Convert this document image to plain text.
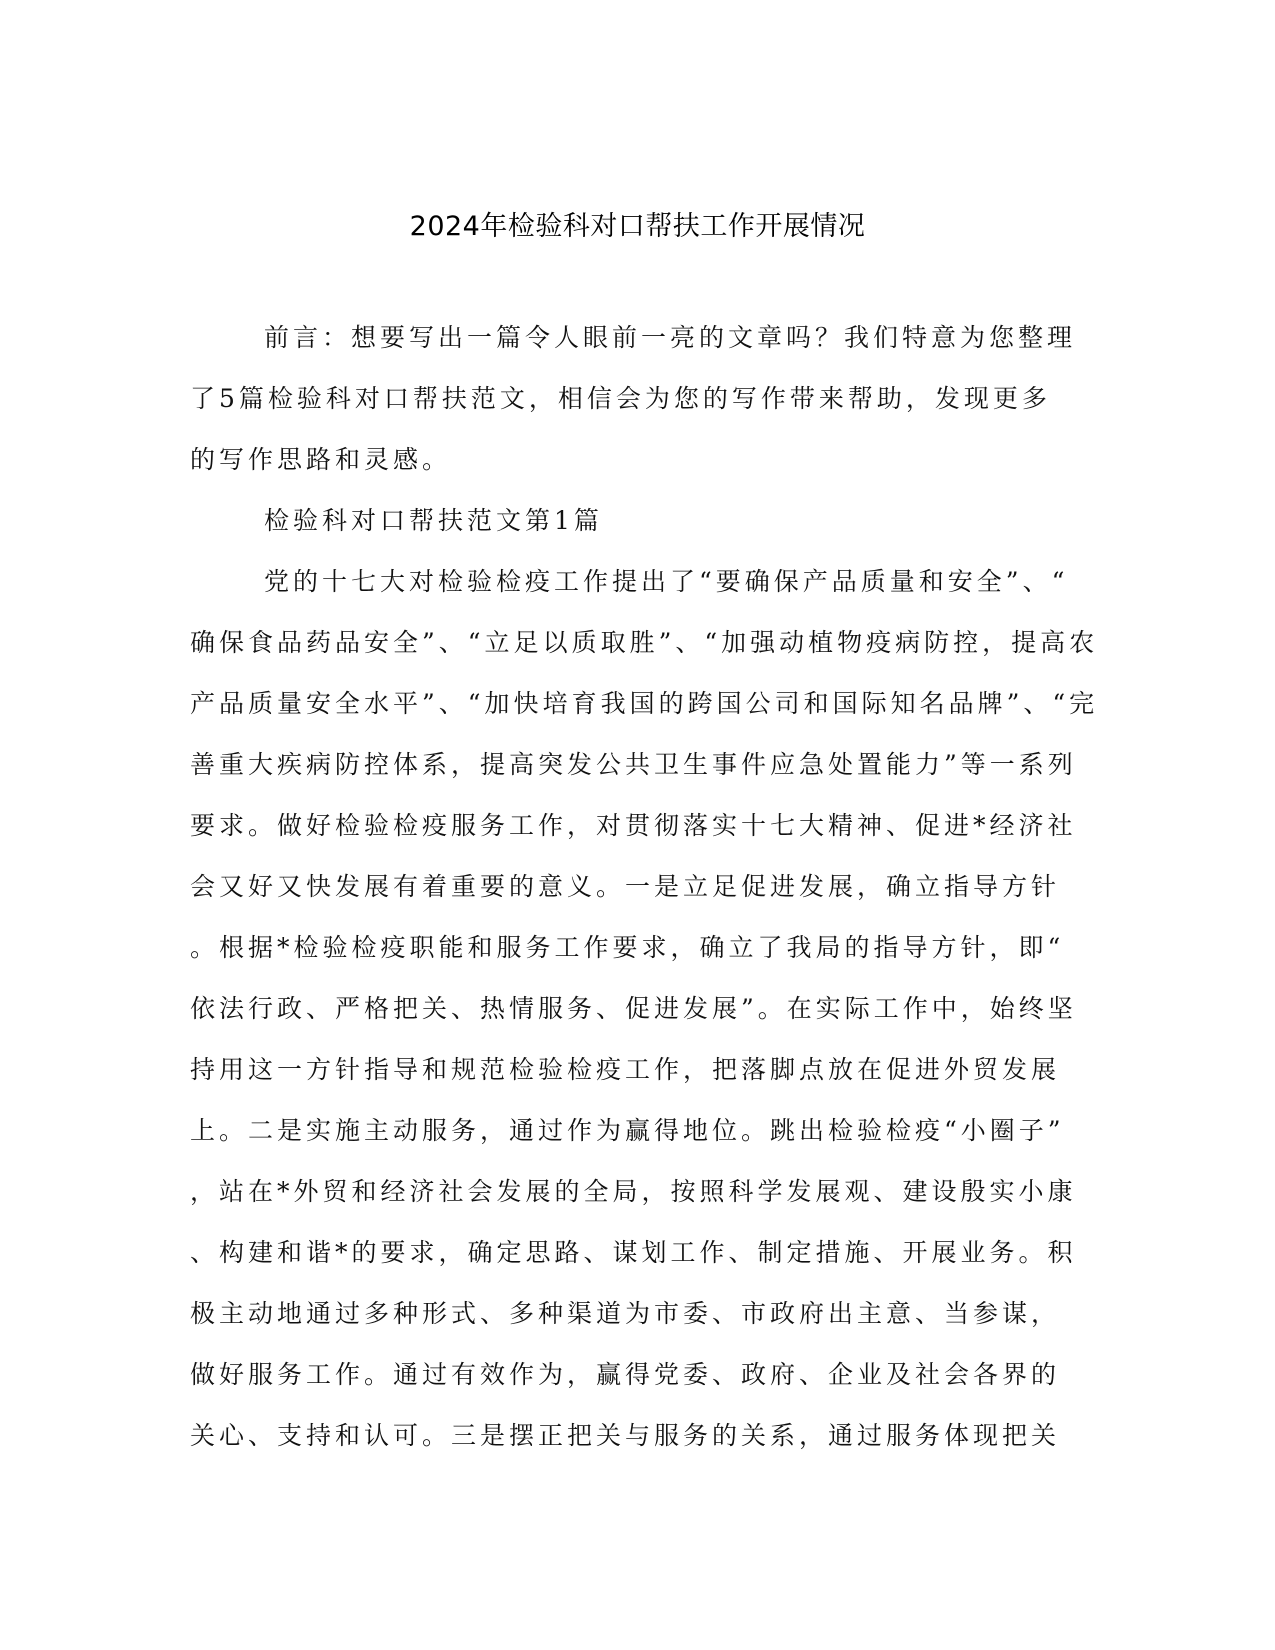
2024年检验科对口帮扶工作开展情况

前言：想要写出一篇令人眼前一亮的文章吗？我们特意为您整理

了5篇检验科对口帮扶范文，相信会为您的写作带来帮助，发现更多

的写作思路和灵感。

检验科对口帮扶范文第1篇

党的十七大对检验检疫工作提出了“要确保产品质量和安全”、“

确保食品药品安全”、“立足以质取胜”、“加强动植物疫病防控，提高农

产品质量安全水平”、“加快培育我国的跨国公司和国际知名品牌”、“完

善重大疾病防控体系，提高突发公共卫生事件应急处置能力”等一系列

要求。做好检验检疫服务工作，对贯彻落实十七大精神、促进*经济社

会又好又快发展有着重要的意义。一是立足促进发展，确立指导方针

。根据*检验检疫职能和服务工作要求，确立了我局的指导方针，即“

依法行政、严格把关、热情服务、促进发展”。在实际工作中，始终坚

持用这一方针指导和规范检验检疫工作，把落脚点放在促进外贸发展

上。二是实施主动服务，通过作为赢得地位。跳出检验检疫“小圈子”

，站在*外贸和经济社会发展的全局，按照科学发展观、建设殷实小康

、构建和谐*的要求，确定思路、谋划工作、制定措施、开展业务。积

极主动地通过多种形式、多种渠道为市委、市政府出主意、当参谋，

做好服务工作。通过有效作为，赢得党委、政府、企业及社会各界的

关心、支持和认可。三是摆正把关与服务的关系，通过服务体现把关
